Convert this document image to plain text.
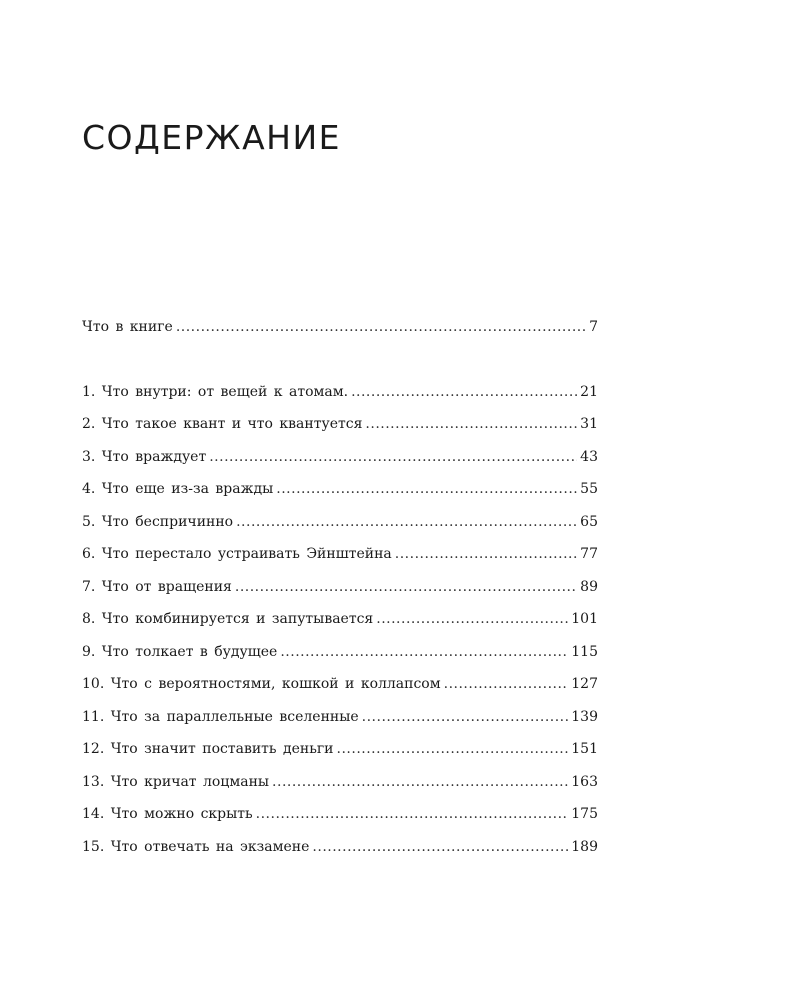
СОДЕРЖАНИЕ
Что в книге .....	7
1. Что внутри: от вещей к атомам. .....	21
2. Что такое квант и что квантуется .....	31
3. Что враждует .....	43
4. Что еще из-за вражды .....	55
5. Что беспричинно .....	65
6. Что перестало устраивать Эйнштейна .....	77
7. Что от вращения .....	89
8. Что комбинируется и запутывается .....	101
9. Что толкает в будущее .....	115
10. Что с вероятностями, кошкой и коллапсом .....	127
11. Что за параллельные вселенные .....	139
12. Что значит поставить деньги .....	151
13. Что кричат лоцманы .....	163
14. Что можно скрыть .....	175
15. Что отвечать на экзамене .....	189
